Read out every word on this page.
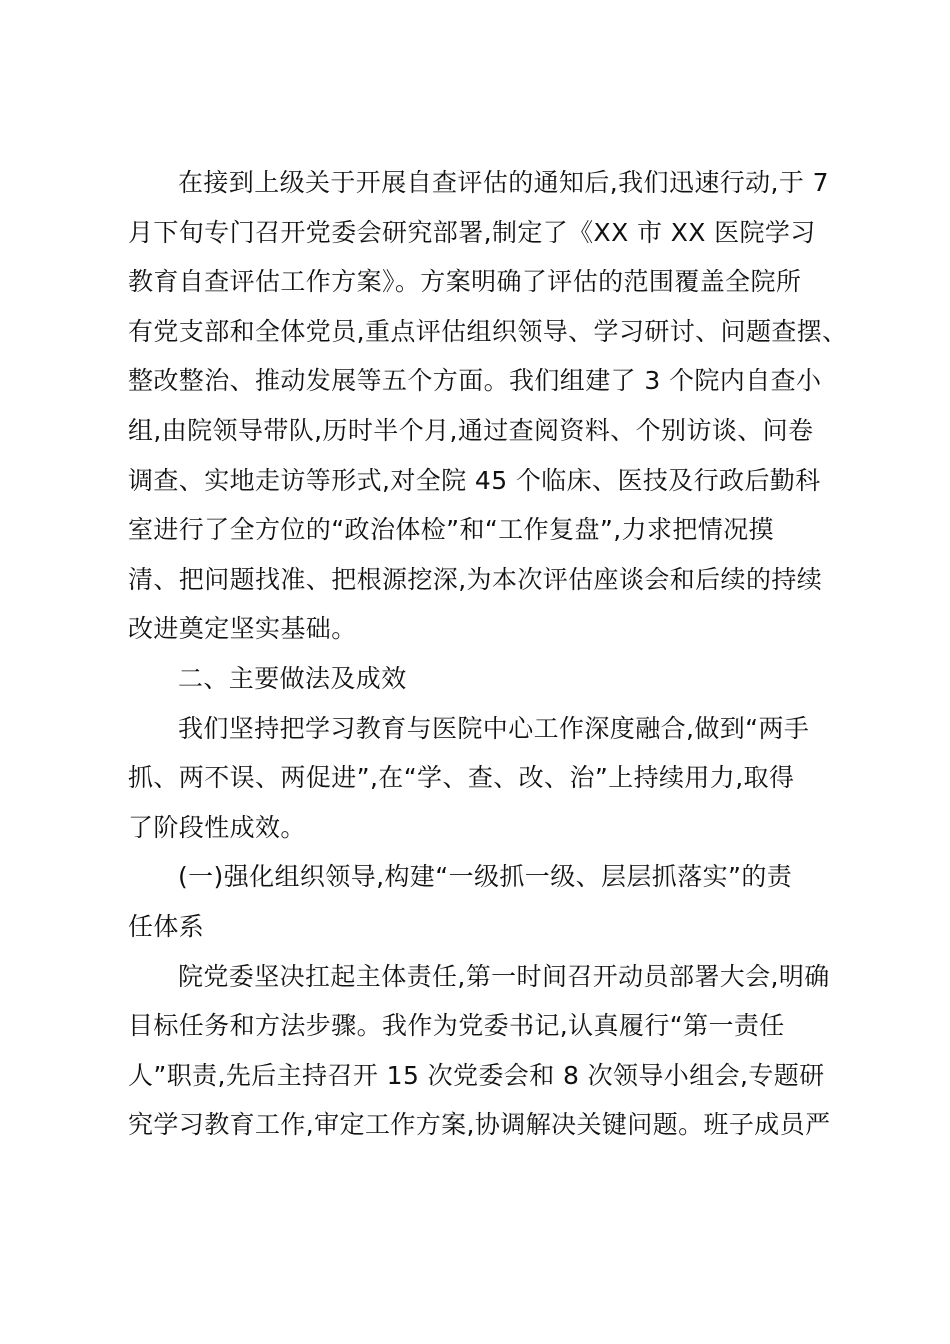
在接到上级关于开展自查评估的通知后,我们迅速行动,于 7
月下旬专门召开党委会研究部署,制定了《XX 市 XX 医院学习
教育自查评估工作方案》。方案明确了评估的范围覆盖全院所
有党支部和全体党员,重点评估组织领导、学习研讨、问题查摆、
整改整治、推动发展等五个方面。我们组建了 3 个院内自查小
组,由院领导带队,历时半个月,通过查阅资料、个别访谈、问卷
调查、实地走访等形式,对全院 45 个临床、医技及行政后勤科
室进行了全方位的“政治体检”和“工作复盘”,力求把情况摸
清、把问题找准、把根源挖深,为本次评估座谈会和后续的持续
改进奠定坚实基础。
二、主要做法及成效
我们坚持把学习教育与医院中心工作深度融合,做到“两手
抓、两不误、两促进”,在“学、查、改、治”上持续用力,取得
了阶段性成效。
(一)强化组织领导,构建“一级抓一级、层层抓落实”的责
任体系
院党委坚决扛起主体责任,第一时间召开动员部署大会,明确
目标任务和方法步骤。我作为党委书记,认真履行“第一责任
人”职责,先后主持召开 15 次党委会和 8 次领导小组会,专题研
究学习教育工作,审定工作方案,协调解决关键问题。班子成员严
